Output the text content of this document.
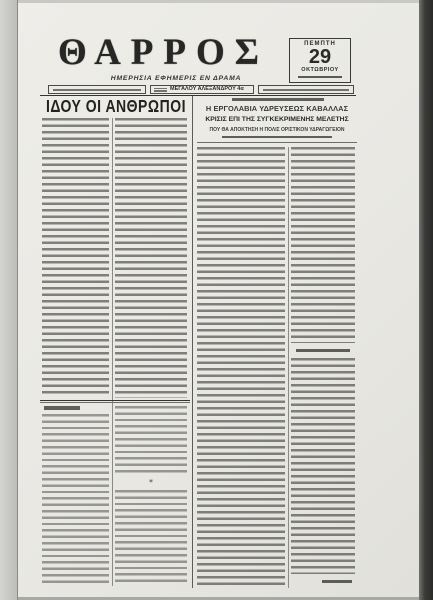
ΘΑΡΡΟΣ	ΠΕΜΠΤΗ
29
ΟΚΤΩΒΡΙΟΥ
ΗΜΕΡΗΣΙΑ ΕΦΗΜΕΡΙΣ ΕΝ ΔΡΑΜΑ
ΜΕΓΑΛΟΥ ΑΛΕΞΑΝΔΡΟΥ 4α
ΙΔΟΥ ΟΙ ΑΝΘΡΩΠΟΙ
*
Η ΕΡΓΟΛΑΒΙΑ ΥΔΡΕΥΣΕΩΣ ΚΑΒΑΛΛΑΣ
ΚΡΙΣΙΣ ΕΠΙ ΤΗΣ ΣΥΓΚΕΚΡΙΜΕΝΗΣ ΜΕΛΕΤΗΣ
ΠΟΥ ΘΑ ΑΠΟΚΤΗΣΗ Η ΠΟΛΙΣ ΟΡΙΣΤΙΚΟΝ ΥΔΡΑΓΩΓΕΙΟΝ
